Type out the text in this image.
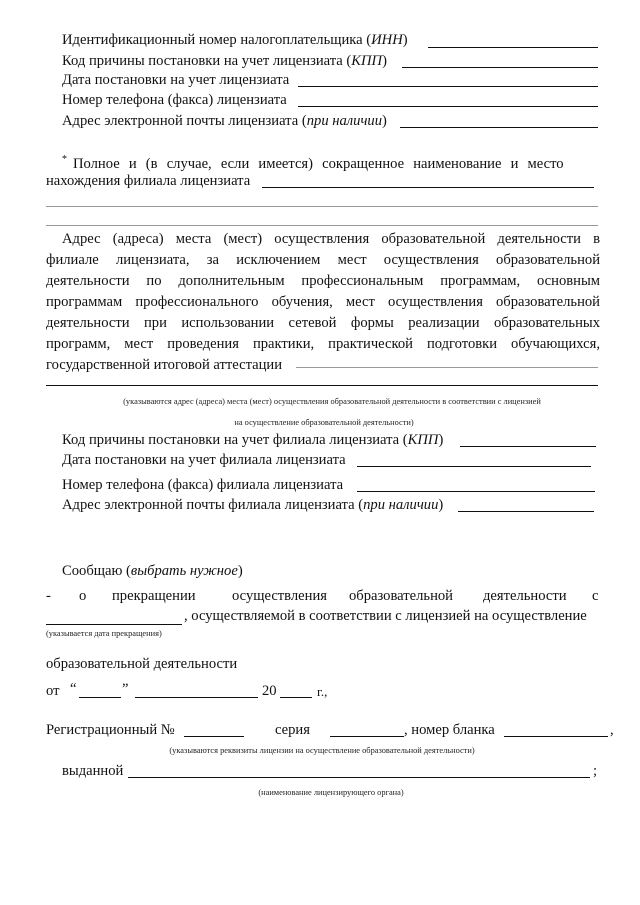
Идентификационный номер налогоплательщика (ИНН)
Код причины постановки на учет лицензиата (КПП)
Дата постановки на учет лицензиата
Номер телефона (факса) лицензиата
Адрес электронной почты лицензиата (при наличии)
* Полное и (в случае, если имеется) сокращенное наименование и место
нахождения филиала лицензиата
Адрес (адреса) места (мест) осуществления образовательной деятельности в
филиале лицензиата, за исключением мест осуществления образовательной
деятельности по дополнительным профессиональным программам, основным
программам профессионального обучения, мест осуществления образовательной
деятельности при использовании сетевой формы реализации образовательных
программ, мест проведения практики, практической подготовки обучающихся,
государственной итоговой аттестации
(указываются адрес (адреса) места (мест) осуществления образовательной деятельности в соответствии с лицензией
на осуществление образовательной деятельности)
Код причины постановки на учет филиала лицензиата (КПП)
Дата постановки на учет филиала лицензиата
Номер телефона (факса) филиала лицензиата
Адрес электронной почты филиала лицензиата (при наличии)
Сообщаю (выбрать нужное)
- о прекращении осуществления образовательной деятельности с
, осуществляемой в соответствии с лицензией на осуществление
(указывается дата прекращения)
образовательной деятельности
от “	”	20	г.,
Регистрационный №	серия	, номер бланка	,
(указываются реквизиты лицензии на осуществление образовательной деятельности)
выданной	;
(наименование лицензирующего органа)
